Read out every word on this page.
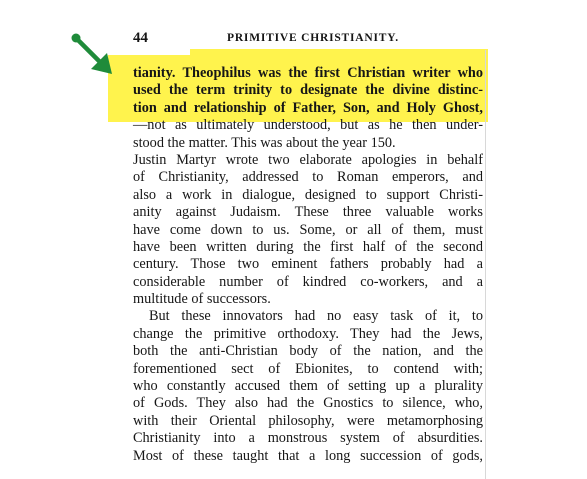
44	PRIMITIVE CHRISTIANITY.
tianity. Theophilus was the first Christian writer who
used the term trinity to designate the divine distinc-
tion and relationship of Father, Son, and Holy Ghost,
—not as ultimately understood, but as he then under-
stood the matter. This was about the year 150.
Justin Martyr wrote two elaborate apologies in behalf
of Christianity, addressed to Roman emperors, and
also a work in dialogue, designed to support Christi-
anity against Judaism. These three valuable works
have come down to us. Some, or all of them, must
have been written during the first half of the second
century. Those two eminent fathers probably had a
considerable number of kindred co-workers, and a
multitude of successors.
But these innovators had no easy task of it, to
change the primitive orthodoxy. They had the Jews,
both the anti-Christian body of the nation, and the
forementioned sect of Ebionites, to contend with;
who constantly accused them of setting up a plurality
of Gods. They also had the Gnostics to silence, who,
with their Oriental philosophy, were metamorphosing
Christianity into a monstrous system of absurdities.
Most of these taught that a long succession of gods,
